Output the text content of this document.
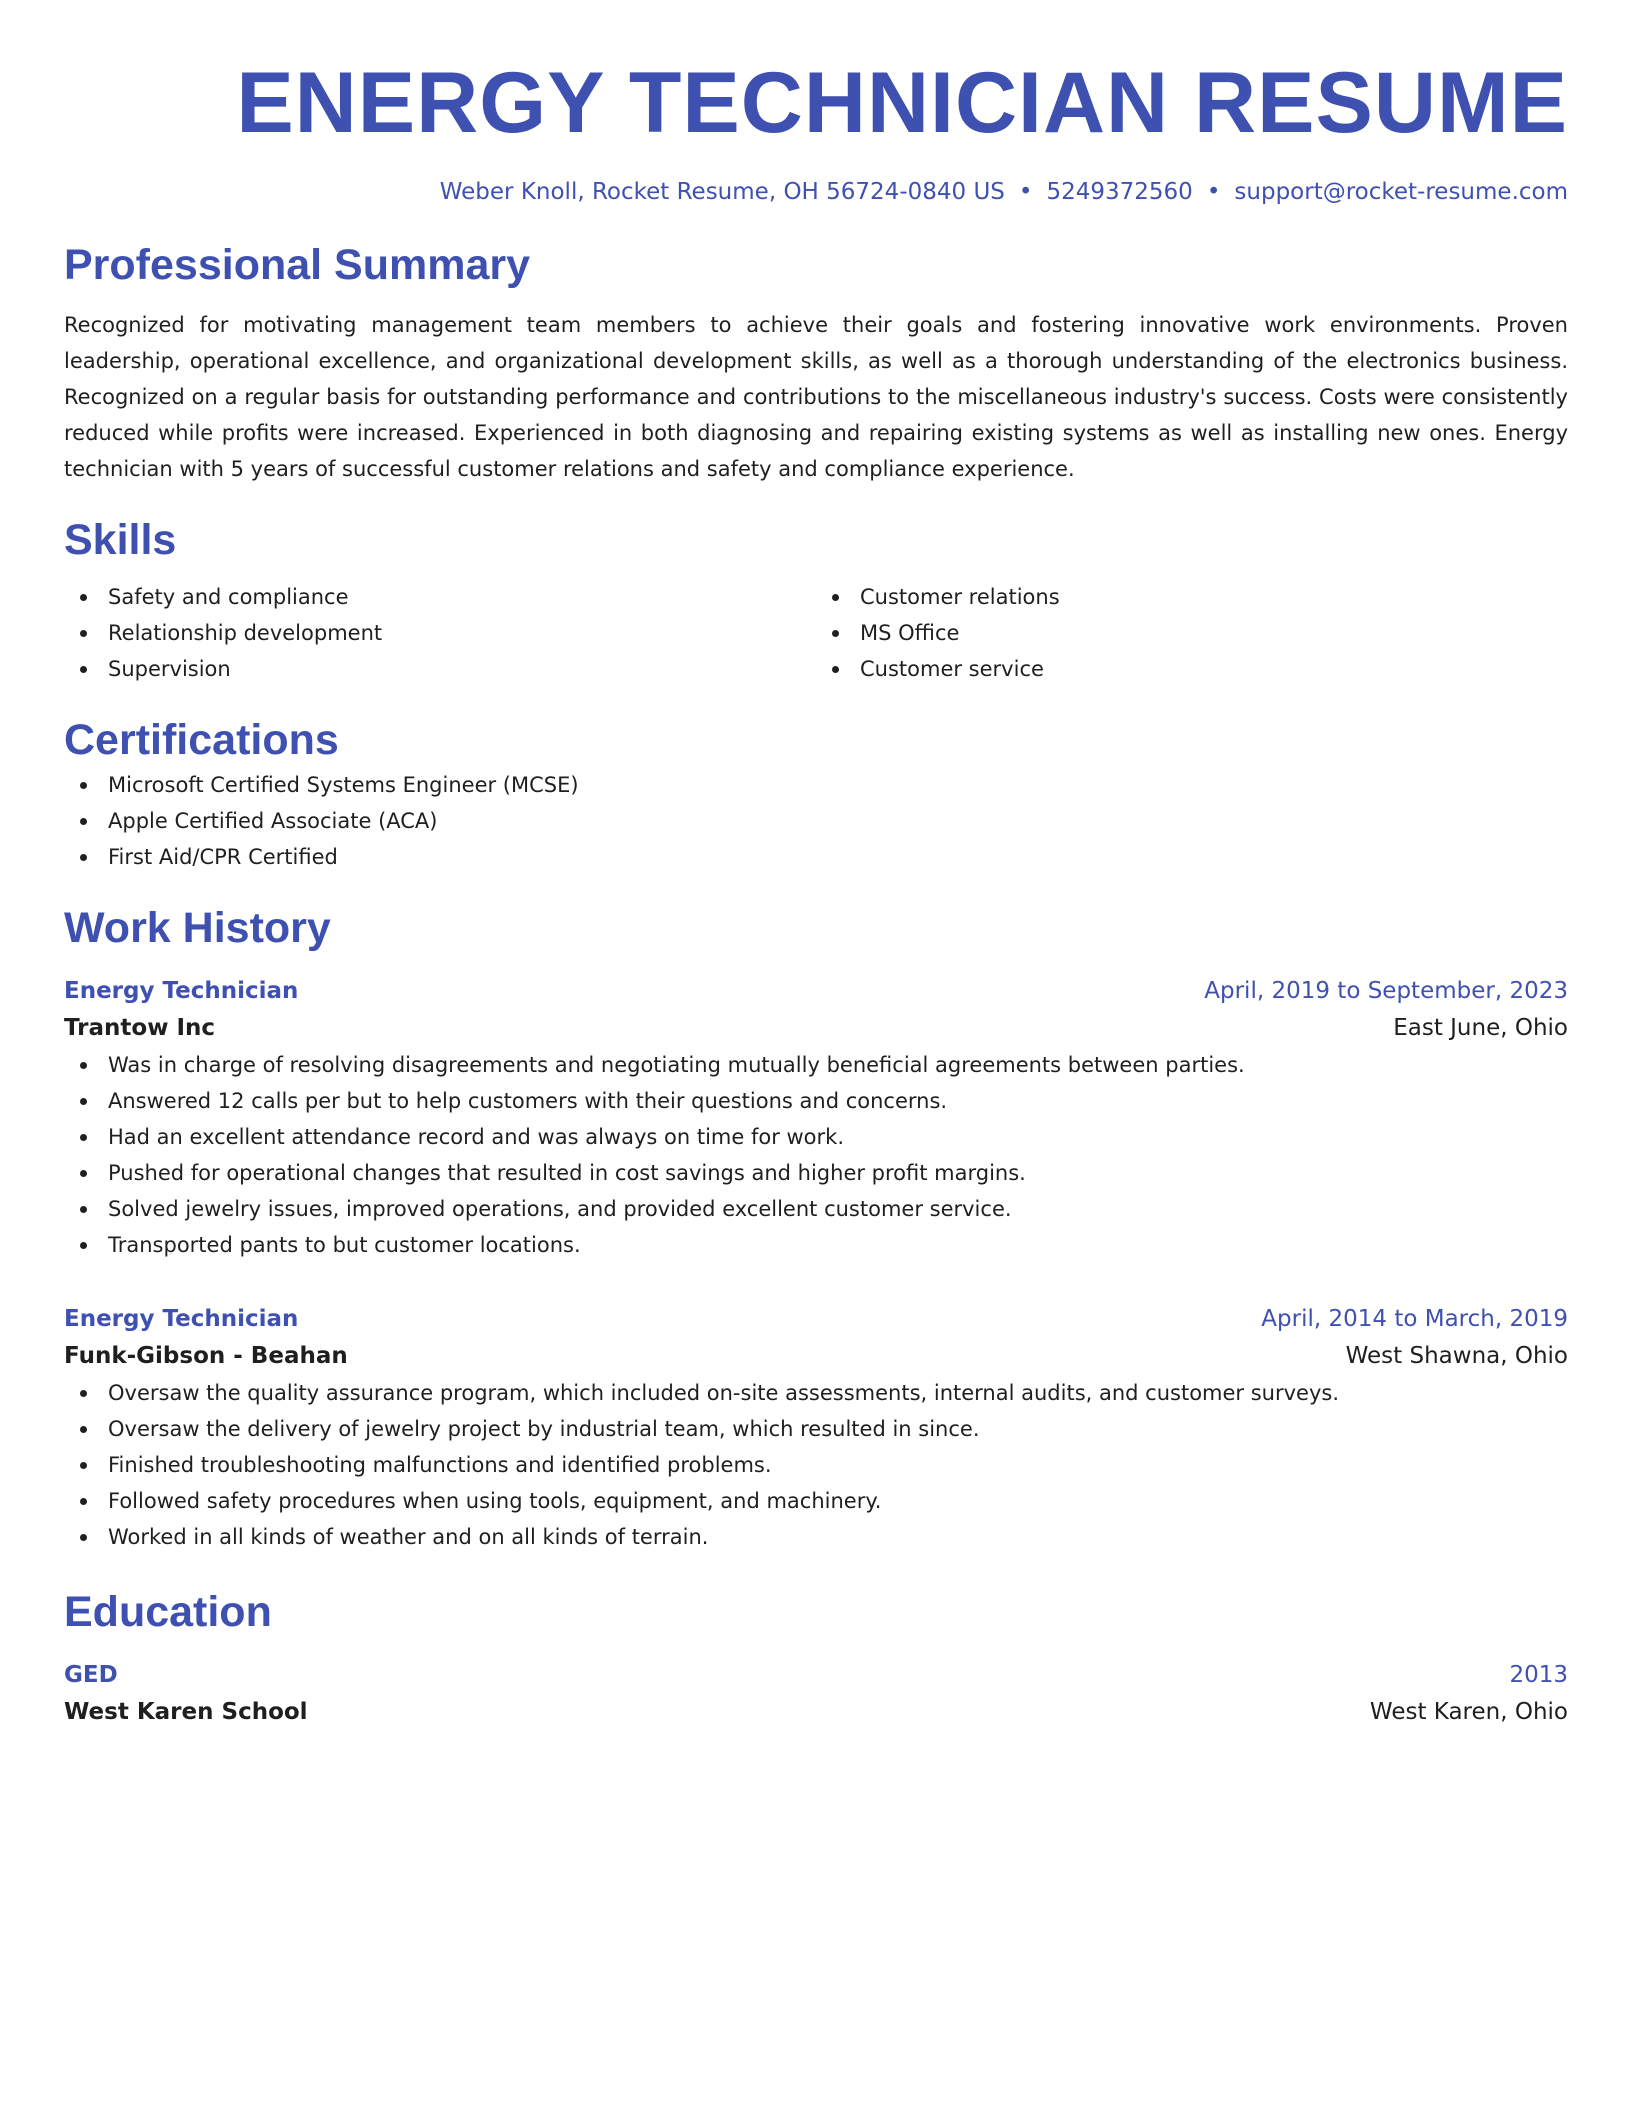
ENERGY TECHNICIAN RESUME
Weber Knoll, Rocket Resume, OH 56724-0840 US • 5249372560 • support@rocket-resume.com
Professional Summary

Recognized for motivating management team members to achieve their goals and fostering innovative work environments. Proven leadership, operational excellence, and organizational development skills, as well as a thorough understanding of the electronics business. Recognized on a regular basis for outstanding performance and contributions to the miscellaneous industry's success. Costs were consistently reduced while profits were increased. Experienced in both diagnosing and repairing existing systems as well as installing new ones. Energy technician with 5 years of successful customer relations and safety and compliance experience.

Skills
Safety and compliance
Relationship development
Supervision
Customer relations
MS Office
Customer service
Certifications
Microsoft Certified Systems Engineer (MCSE)
Apple Certified Associate (ACA)
First Aid/CPR Certified
Work History
Energy Technician	April, 2019 to September, 2023
Trantow Inc	East June, Ohio
Was in charge of resolving disagreements and negotiating mutually beneficial agreements between parties.
Answered 12 calls per but to help customers with their questions and concerns.
Had an excellent attendance record and was always on time for work.
Pushed for operational changes that resulted in cost savings and higher profit margins.
Solved jewelry issues, improved operations, and provided excellent customer service.
Transported pants to but customer locations.
Energy Technician	April, 2014 to March, 2019
Funk-Gibson - Beahan	West Shawna, Ohio
Oversaw the quality assurance program, which included on-site assessments, internal audits, and customer surveys.
Oversaw the delivery of jewelry project by industrial team, which resulted in since.
Finished troubleshooting malfunctions and identified problems.
Followed safety procedures when using tools, equipment, and machinery.
Worked in all kinds of weather and on all kinds of terrain.
Education
GED	2013
West Karen School	West Karen, Ohio
